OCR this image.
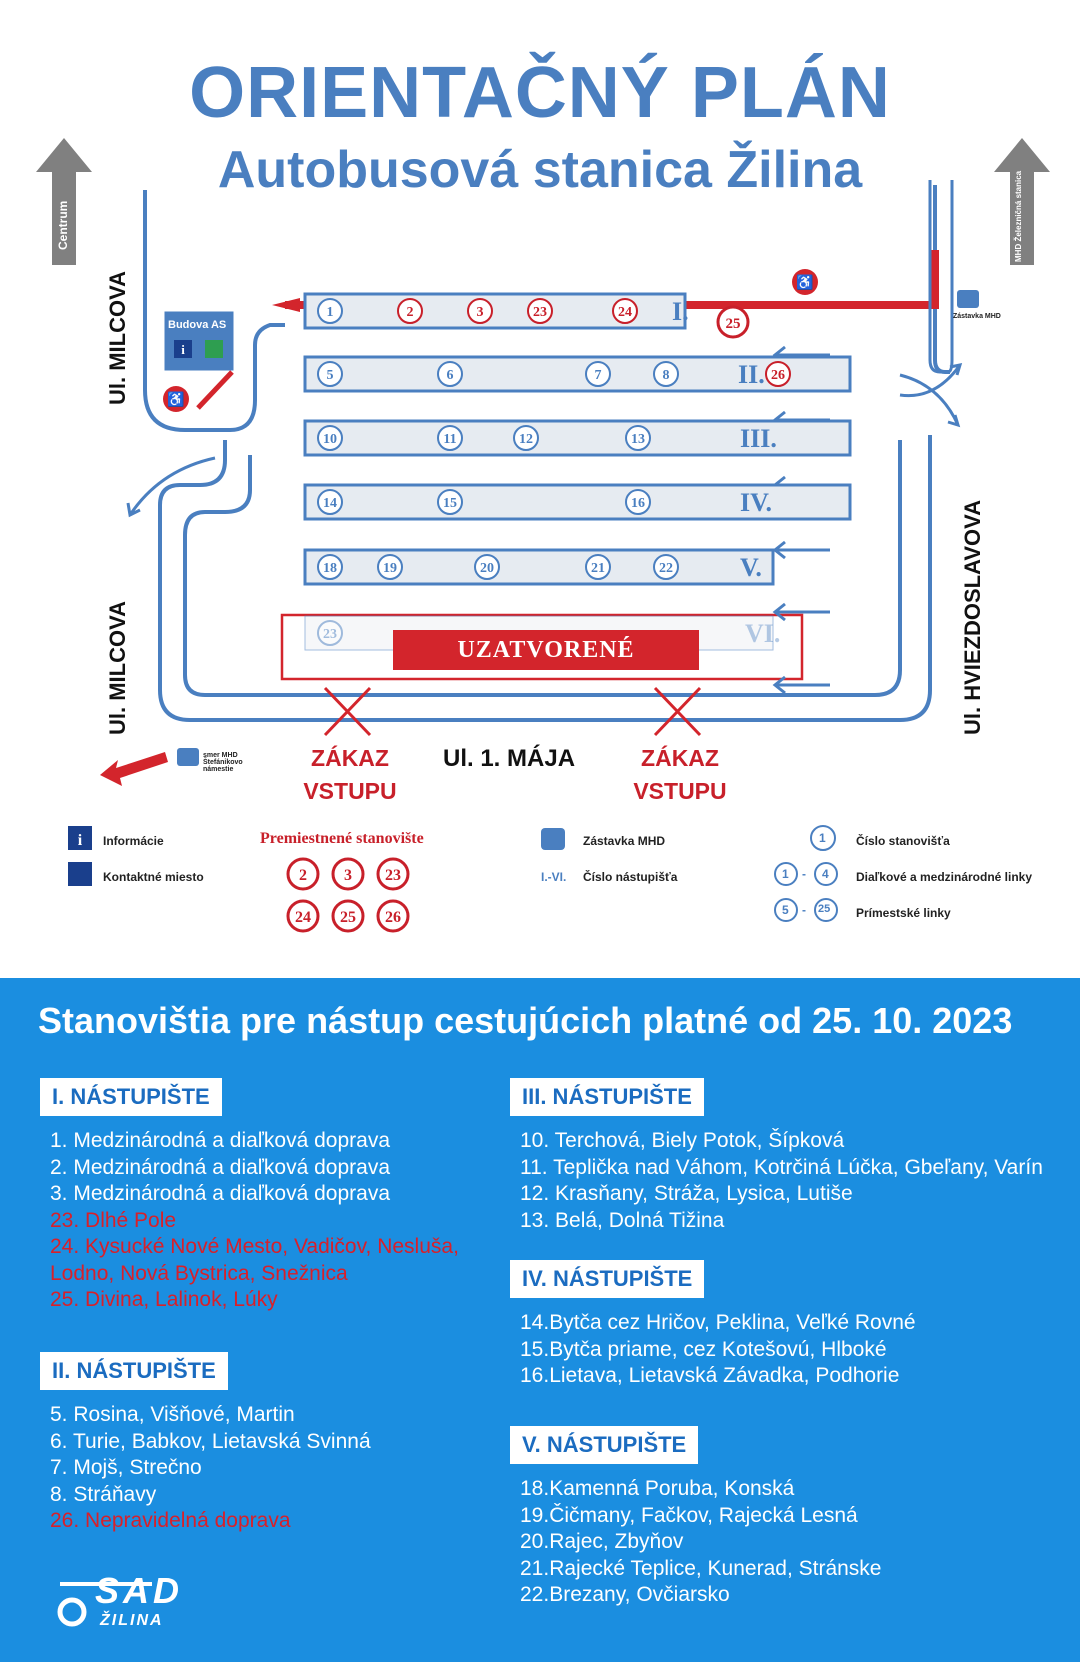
ORIENTAČNÝ PLÁN
Autobusová stanica Žilina
i
♿
♿
1	2	3	23	24 I.
5	6	7	8	26
II.
10	11	12	13	III.
14	15	16	IV.
18	19	20	21	22	V.
23	VI.
25
Centrum	MHD Železničná stanica
Ul. MILCOVA
Ul. MILCOVA	Ul. HVIEZDOSLAVOVA
Ul. 1. MÁJA
Budova AS
Zástavka MHD
smer MHD Štefánikovo námestie
UZATVORENÉ
ZÁKAZ
VSTUPU
ZÁKAZ
VSTUPU
i
2 3 23
24 25 26
Informácie
Kontaktné miesto
Premiestnené stanovište	Zástavka MHD
I.-VI. Číslo nástupišťa
1	Číslo stanovišťa
1 - 4 Diaľkové a medzinárodné linky
5 - 25 Prímestské linky
Stanovištia pre nástup cestujúcich platné od 25. 10. 2023
I. NÁSTUPIŠTE
1. Medzinárodná a diaľková doprava
2. Medzinárodná a diaľková doprava
3. Medzinárodná a diaľková doprava
23. Dlhé Pole
24. Kysucké Nové Mesto, Vadičov, Nesluša,
Lodno, Nová Bystrica, Snežnica
25. Divina, Lalinok, Lúky
II. NÁSTUPIŠTE
5. Rosina, Višňové, Martin
6. Turie, Babkov, Lietavská Svinná
7. Mojš, Strečno
8. Stráňavy
26. Nepravidelná doprava
III. NÁSTUPIŠTE
10. Terchová, Biely Potok, Šípková
11. Teplička nad Váhom, Kotrčiná Lúčka, Gbeľany, Varín
12. Krasňany, Stráža, Lysica, Lutiše
13. Belá, Dolná Tižina
IV. NÁSTUPIŠTE
14.Bytča cez Hričov, Peklina, Veľké Rovné
15.Bytča priame, cez Kotešovú, Hlboké
16.Lietava, Lietavská Závadka, Podhorie
V. NÁSTUPIŠTE
18.Kamenná Poruba, Konská
19.Čičmany, Fačkov, Rajecká Lesná
20.Rajec, Zbyňov
21.Rajecké Teplice, Kunerad, Stránske
22.Brezany, Ovčiarsko
SAD
ŽILINA
